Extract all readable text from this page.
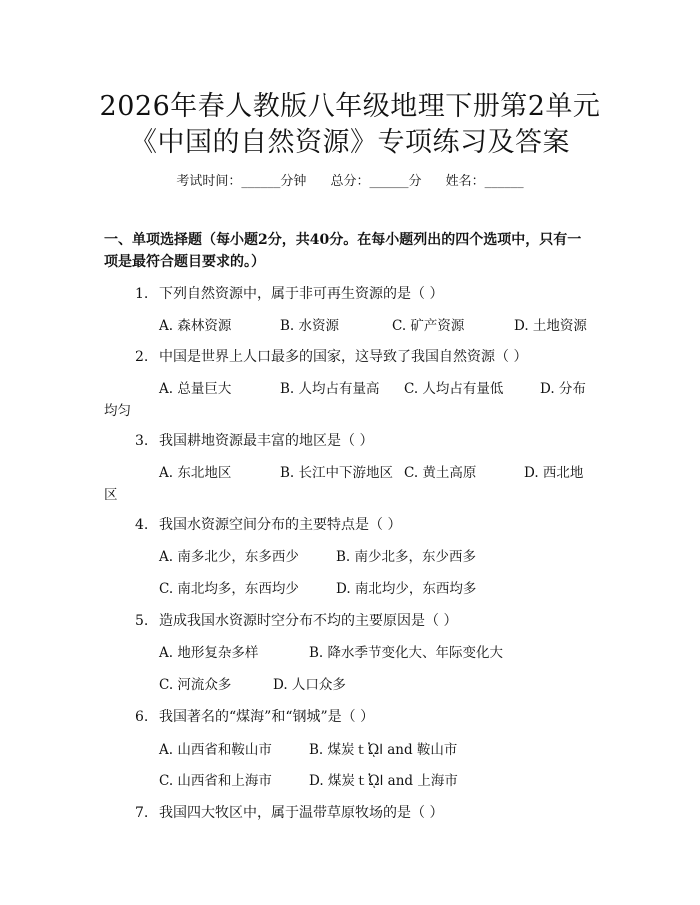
2026年春人教版八年级地理下册第2单元
《中国的自然资源》专项练习及答案
考试时间：______分钟 总分：______分 姓名：______
一、单项选择题（每小题2分，共40分。在每小题列出的四个选项中，只有一项是最符合题目要求的。）
1. 下列自然资源中，属于非可再生资源的是（ ）
A. 森林资源	B. 水资源	C. 矿产资源	D. 土地资源
2. 中国是世界上人口最多的国家，这导致了我国自然资源（ ）
A. 总量巨大	B. 人均占有量高 C. 人均占有量低	D. 分布
均匀
3. 我国耕地资源最丰富的地区是（ ）
A. 东北地区	B. 长江中下游地区 C. 黄土高原	D. 西北地
区
4. 我国水资源空间分布的主要特点是（ ）
A. 南多北少，东多西少	B. 南少北多，东少西多
C. 南北均多，东西均少	D. 南北均少，东西均多
5. 造成我国水资源时空分布不均的主要原因是（ ）
A. 地形复杂多样	B. 降水季节变化大、年际变化大
C. 河流众多	D. 人口众多
6. 我国著名的“煤海”和“钢城”是（ ）
A. 山西省和鞍山市	B. 煤炭ｔᾨا and 鞍山市
C. 山西省和上海市	D. 煤炭ｔᾨا and 上海市
7. 我国四大牧区中，属于温带草原牧场的是（ ）
